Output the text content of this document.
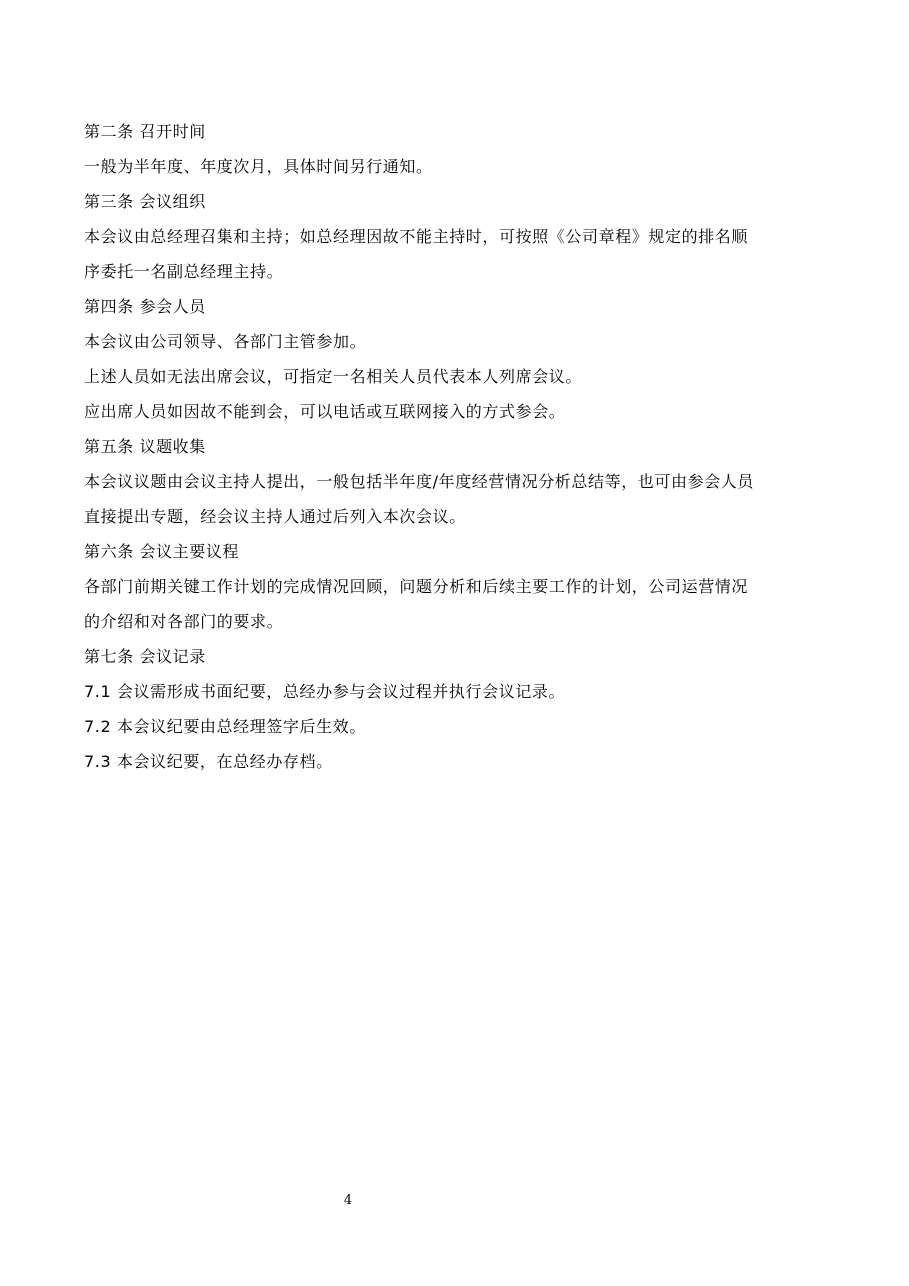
第二条 召开时间
一般为半年度、年度次月，具体时间另行通知。
第三条 会议组织
本会议由总经理召集和主持；如总经理因故不能主持时，可按照《公司章程》规定的排名顺
序委托一名副总经理主持。
第四条 参会人员
本会议由公司领导、各部门主管参加。
上述人员如无法出席会议，可指定一名相关人员代表本人列席会议。
应出席人员如因故不能到会，可以电话或互联网接入的方式参会。
第五条 议题收集
本会议议题由会议主持人提出，一般包括半年度/年度经营情况分析总结等，也可由参会人员
直接提出专题，经会议主持人通过后列入本次会议。
第六条 会议主要议程
各部门前期关键工作计划的完成情况回顾，问题分析和后续主要工作的计划，公司运营情况
的介绍和对各部门的要求。
第七条 会议记录
7.1 会议需形成书面纪要，总经办参与会议过程并执行会议记录。
7.2 本会议纪要由总经理签字后生效。
7.3 本会议纪要，在总经办存档。
4
